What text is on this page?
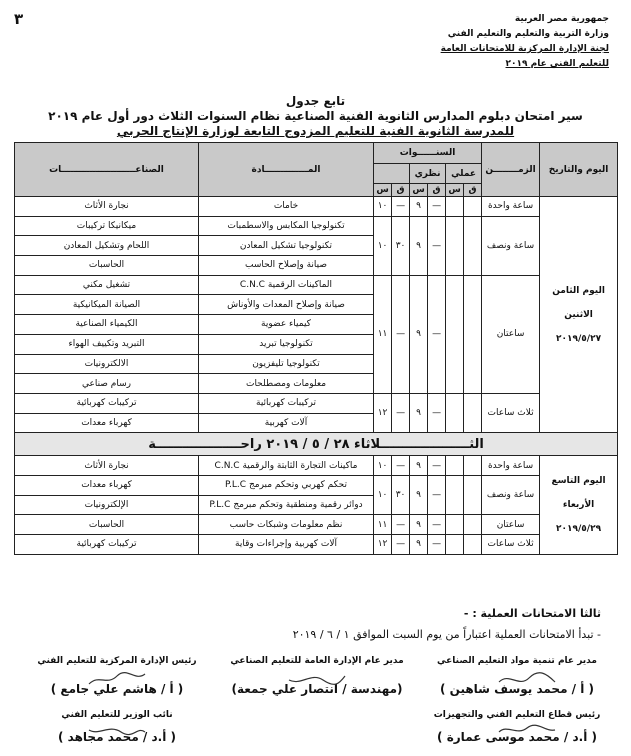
٣	جمهورية مصر العربية
وزارة التربية والتعليم والتعليم الفني
لجنة الإدارة المركزية للامتحانات العامة
للتعليم الفني عام ٢٠١٩
تابع جدول
سير امتحان دبلوم المدارس الثانوية الفنية الصناعية نظام السنوات الثلاث دور أول عام ٢٠١٩
للمدرسة الثانوية الفنية للتعليم المزدوج التابعة لوزارة الإنتاج الحربي
اليوم والتاريخ	الزمــــــــن	السنــــــوات						المــــــــــــــادة	الصناعــــــــــــــــــــــــات
		عملي		نظري					
		ق	س	ق	س	ق	س		

اليوم الثامن
الاثنين
٢٠١٩/٥/٢٧	ساعة واحدة			—	٩	—	١٠	خامات	نجارة الأثاث
	ساعة ونصف			—	٩	٣٠	١٠	تكنولوجيا المكابس والاسطمبات	ميكانيكا تركيبات
								تكنولوجيا تشكيل المعادن	اللحام وتشكيل المعادن
								صيانة وإصلاح الحاسب	الحاسبات
	ساعتان			—	٩	—	١١	الماكينات الرقمية C.N.C	تشغيل مكني
								صيانة وإصلاح المعدات والأوناش	الصيانة الميكانيكية
								كيمياء عضوية	الكيمياء الصناعية
								تكنولوجيا تبريد	التبريد وتكييف الهواء
								تكنولوجيا تليفزيون	الالكترونيات
								معلومات ومصطلحات	رسام صناعي
	ثلاث ساعات			—	٩	—	١٢	تركيبات كهربائية	تركيبات كهربائية
								آلات كهربية	كهرباء معدات
الثــــــــــــــــــــلاثاء ٢٨ / ٥ / ٢٠١٩ راحـــــــــــــــــــة									

اليوم التاسع
الأربعاء
٢٠١٩/٥/٢٩	ساعة واحدة			—	٩	—	١٠	ماكينات التجارة الثابتة والرقمية C.N.C	نجارة الأثاث
	ساعة ونصف			—	٩	٣٠	١٠	تحكم كهربي وتحكم مبرمج P.L.C	كهرباء معدات
								دوائر رقمية ومنطقية وتحكم مبرمج P.L.C	الإلكترونيات
	ساعتان			—	٩	—	١١	نظم معلومات وشبكات حاسب	الحاسبات
	ثلاث ساعات			—	٩	—	١٢	آلات كهربية وإجراءات وقاية	تركيبات كهربائية
ثالثا الامتحانات العملية : -
- تبدأ الامتحانات العملية اعتباراً من يوم السبت الموافق ١ / ٦ / ٢٠١٩
مدير عام تنمية مواد التعليم الصناعي
( أ / محمد يوسف شاهين )
مدير عام الإدارة العامة للتعليم الصناعي
(مهندسة / انتصار علي جمعة)
رئيس الإدارة المركزية للتعليم الفني
( أ / هاشم علي جامع )
رئيس قطاع التعليم الفني والتجهيزات
( أ.د / محمد موسى عمارة )
نائب الوزير للتعليم الفني
( أ.د / محمد مجاهد )
